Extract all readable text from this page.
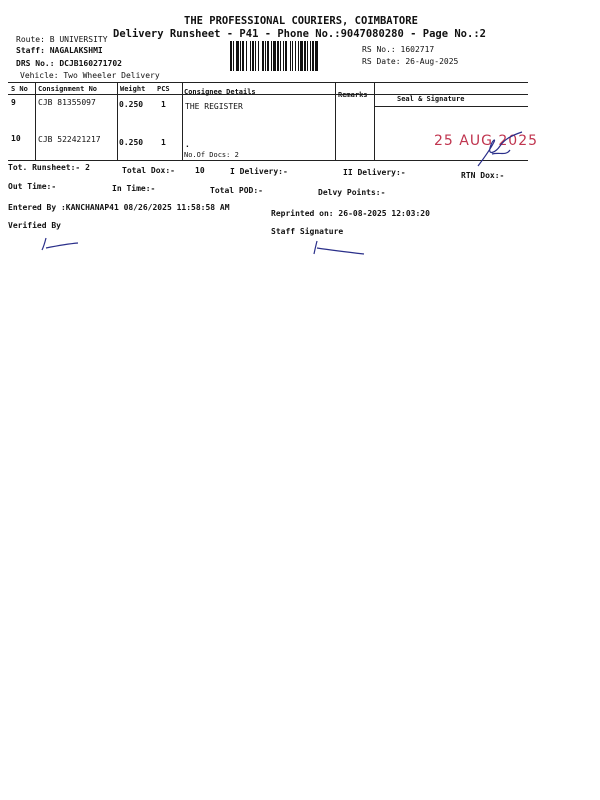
THE PROFESSIONAL COURIERS, COIMBATORE
Delivery Runsheet - P41 - Phone No.:9047080280 - Page No.:2
Route: B UNIVERSITY
Staff: NAGALAKSHMI
DRS No.: DCJB160271702
Vehicle: Two Wheeler Delivery
RS No.: 1602717
RS Date: 26-Aug-2025
S No Consignment No	Weight PCS Consignee Details	Remarks	Seal & Signature
9	CJB 81355097	0.250 1 THE REGISTER
10 CJB 522421217 0.250 1 .
No.Of Docs: 2
25 AUG 2025
Tot. Runsheet:- 2	Total Dox:-	10	I Delivery:-	II Delivery:-	RTN Dox:-
Out Time:-	In Time:-	Total POD:-	Delvy Points:-
Entered By :KANCHANAP41 08/26/2025 11:58:58 AM
Reprinted on: 26-08-2025 12:03:20
Verified By
Staff Signature
